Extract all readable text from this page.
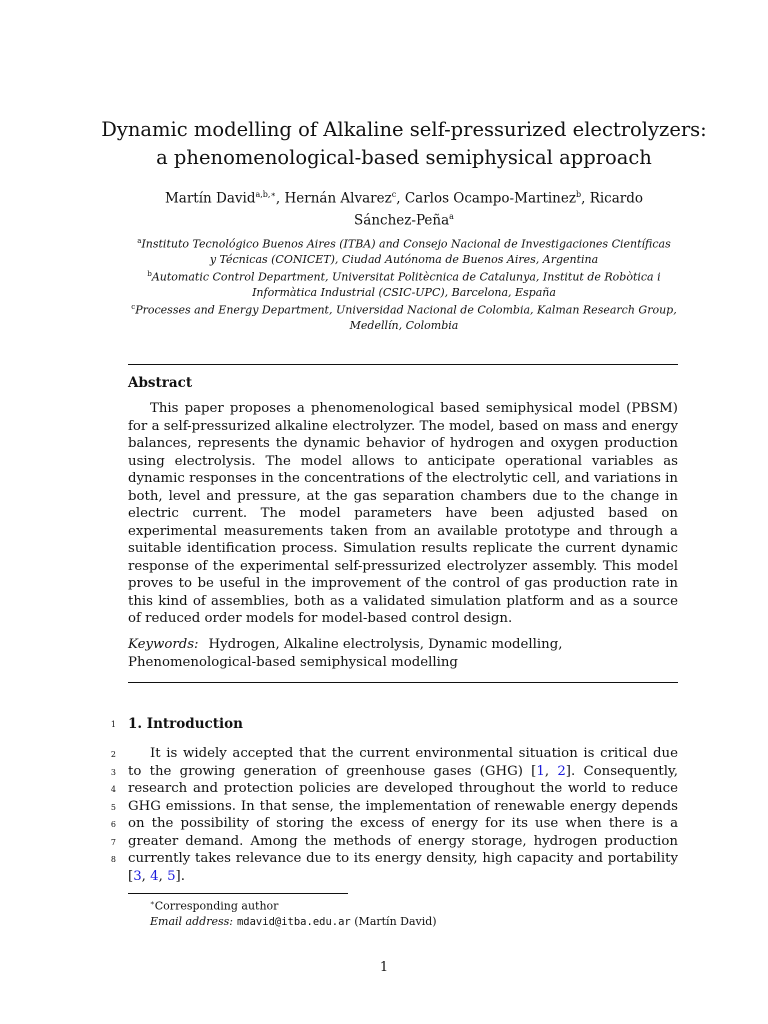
Dynamic modelling of Alkaline self-pressurized electrolyzers:
a phenomenological-based semiphysical approach
Martín David$^{a,b,∗}$, Hernán Alvarez$^c$, Carlos Ocampo-Martinez$^b$, Ricardo
Sánchez-Peña$^a$
$^a$Instituto Tecnológico Buenos Aires (ITBA) and Consejo Nacional de Investigaciones Científicas
y Técnicas (CONICET), Ciudad Autónoma de Buenos Aires, Argentina
$^b$Automatic Control Department, Universitat Politècnica de Catalunya, Institut de Robòtica i
Informàtica Industrial (CSIC-UPC), Barcelona, España
$^c$Processes and Energy Department, Universidad Nacional de Colombia, Kalman Research Group,
Medellín, Colombia
Abstract

This paper proposes a phenomenological based semiphysical model (PBSM) for a self-pressurized alkaline electrolyzer. The model, based on mass and energy balances, represents the dynamic behavior of hydrogen and oxygen production using electrolysis. The model allows to anticipate operational variables as dynamic responses in the concentrations of the electrolytic cell, and variations in both, level and pressure, at the gas separation chambers due to the change in electric current. The model parameters have been adjusted based on experimental measurements taken from an available prototype and through a suitable identification process. Simulation results replicate the current dynamic response of the experimental self-pressurized electrolyzer assembly. This model proves to be useful in the improvement of the control of gas production rate in this kind of assemblies, both as a validated simulation platform and as a source of reduced order models for model-based control design.

Keywords: Hydrogen, Alkaline electrolysis, Dynamic modelling,
Phenomenological-based semiphysical modelling
1 1. Introduction
2
3
4
5
6
7
8

It is widely accepted that the current environmental situation is critical due to the growing generation of greenhouse gases (GHG) [1, 2]. Consequently, research and protection policies are developed throughout the world to reduce GHG emissions. In that sense, the implementation of renewable energy depends on the possibility of storing the excess of energy for its use when there is a greater demand. Among the methods of energy storage, hydrogen production currently takes relevance due to its energy density, high capacity and portability [3, 4, 5].

∗Corresponding author
Email address: mdavid@itba.edu.ar (Martín David)
1
